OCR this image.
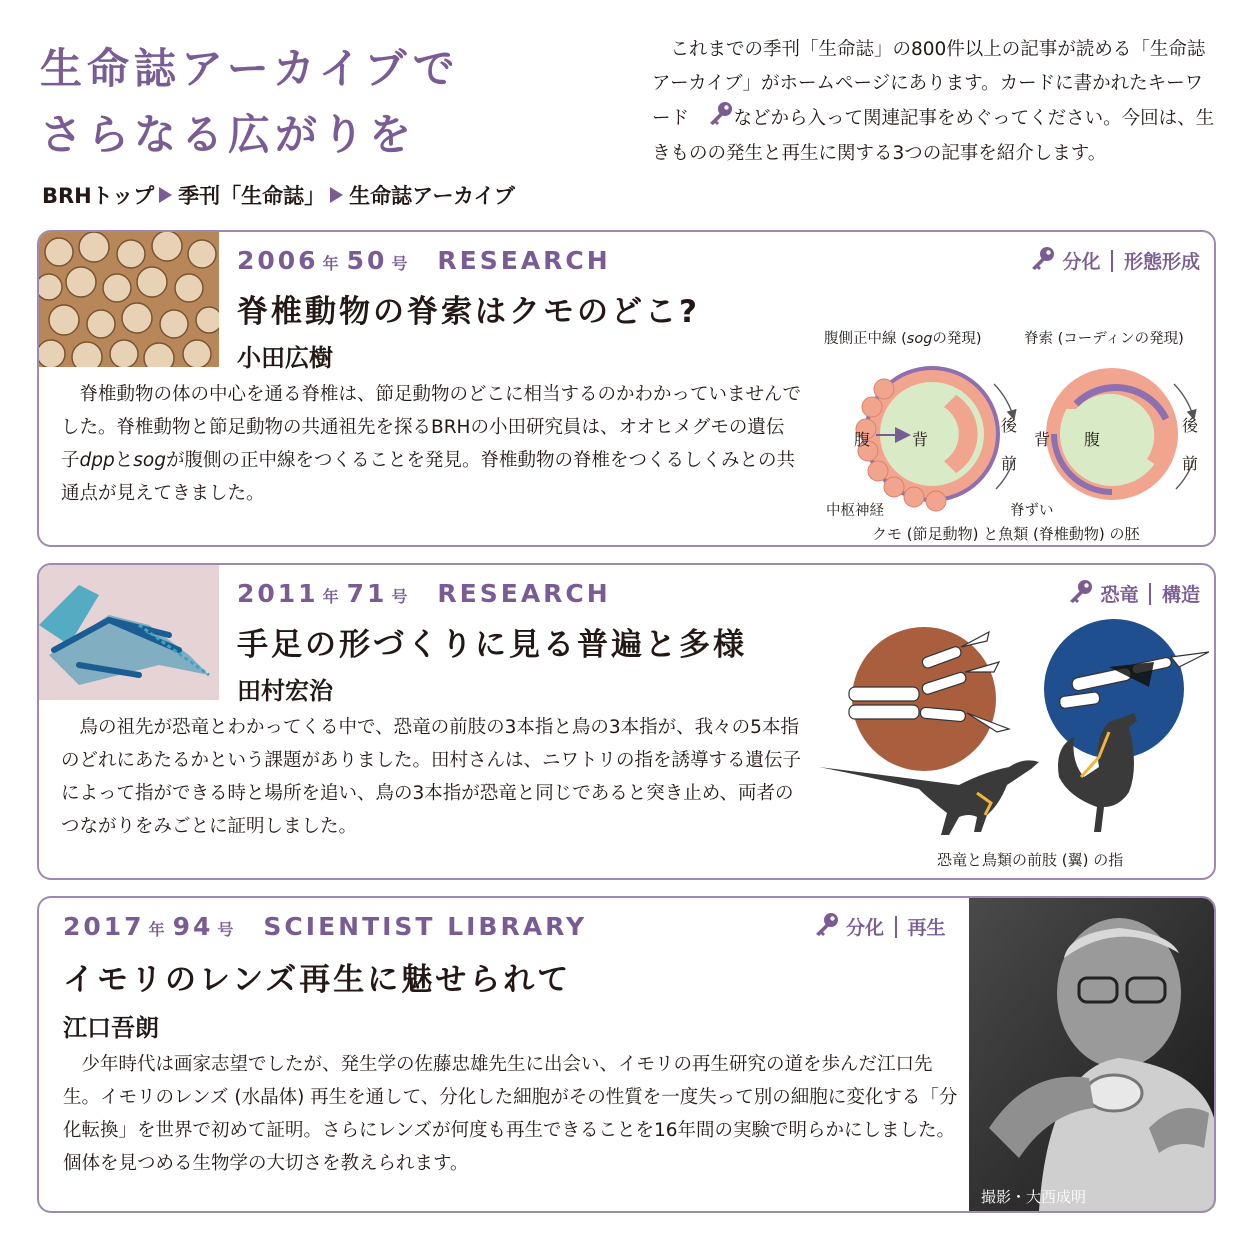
生命誌アーカイブで
さらなる広がりを
BRHトップ 季刊「生命誌」 生命誌アーカイブ

これまでの季刊「生命誌」の800件以上の記事が読める「生命誌アーカイブ」がホームページにあります。カードに書かれたキーワード などから入って関連記事をめぐってください。今回は、生きものの発生と再生に関する3つの記事を紹介します。

2006 年 50 号 RESEARCH	分化 形態形成
脊椎動物の脊索はクモのどこ?
小田広樹

脊椎動物の体の中心を通る脊椎は、節足動物のどこに相当するのかわかっていませんでした。脊椎動物と節足動物の共通祖先を探るBRHの小田研究員は、オオヒメグモの遺伝子dppとsogが腹側の正中線をつくることを発見。脊椎動物の脊椎をつくるしくみとの共通点が見えてきました。

腹側正中線 (sogの発現)	脊索 (コーディンの発現)
腹	背
後
前
中枢神経
背 腹
後
前
脊ずい
クモ (節足動物) と魚類 (脊椎動物) の胚
2011 年 71 号 RESEARCH	恐竜 構造
手足の形づくりに見る普遍と多様
田村宏治

鳥の祖先が恐竜とわかってくる中で、恐竜の前肢の3本指と鳥の3本指が、我々の5本指のどれにあたるかという課題がありました。田村さんは、ニワトリの指を誘導する遺伝子によって指ができる時と場所を追い、鳥の3本指が恐竜と同じであると突き止め、両者のつながりをみごとに証明しました。

恐竜と鳥類の前肢 (翼) の指
2017 年 94 号 SCIENTIST LIBRARY	分化 再生
イモリのレンズ再生に魅せられて
江口吾朗

少年時代は画家志望でしたが、発生学の佐藤忠雄先生に出会い、イモリの再生研究の道を歩んだ江口先生。イモリのレンズ (水晶体) 再生を通して、分化した細胞がその性質を一度失って別の細胞に変化する「分化転換」を世界で初めて証明。さらにレンズが何度も再生できることを16年間の実験で明らかにしました。個体を見つめる生物学の大切さを教えられます。

撮影・大西成明
